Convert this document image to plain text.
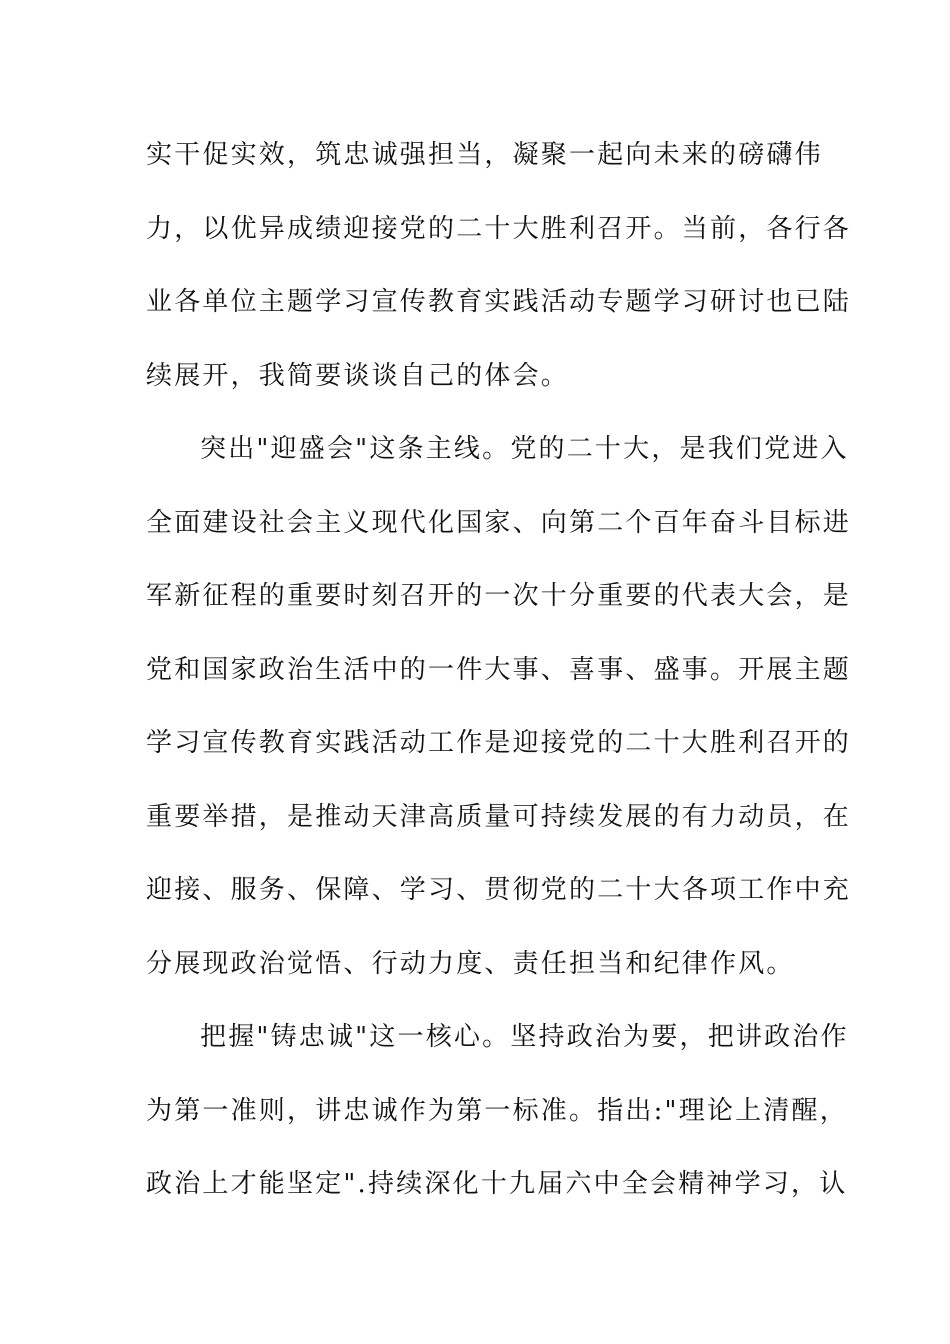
实干促实效，筑忠诚强担当，凝聚一起向未来的磅礴伟
力，以优异成绩迎接党的二十大胜利召开。当前，各行各
业各单位主题学习宣传教育实践活动专题学习研讨也已陆
续展开，我简要谈谈自己的体会。
突出"迎盛会"这条主线。党的二十大，是我们党进入
全面建设社会主义现代化国家、向第二个百年奋斗目标进
军新征程的重要时刻召开的一次十分重要的代表大会，是
党和国家政治生活中的一件大事、喜事、盛事。开展主题
学习宣传教育实践活动工作是迎接党的二十大胜利召开的
重要举措，是推动天津高质量可持续发展的有力动员，在
迎接、服务、保障、学习、贯彻党的二十大各项工作中充
分展现政治觉悟、行动力度、责任担当和纪律作风。
把握"铸忠诚"这一核心。坚持政治为要，把讲政治作
为第一准则，讲忠诚作为第一标准。指出:"理论上清醒，
政治上才能坚定".持续深化十九届六中全会精神学习，认
